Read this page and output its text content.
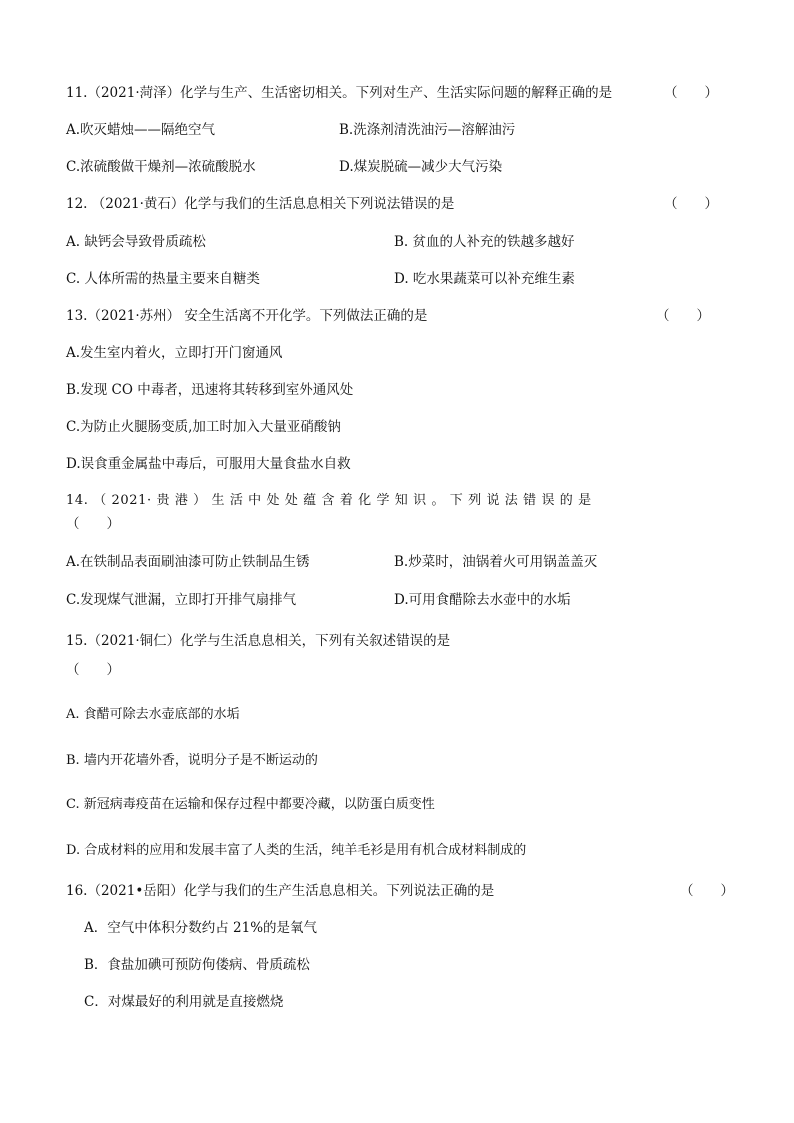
11.（2021·菏泽）化学与生产、生活密切相关。下列对生产、生活实际问题的解释正确的是	（　　）
A.吹灭蜡烛——隔绝空气	B.洗涤剂清洗油污—溶解油污
C.浓硫酸做干燥剂—浓硫酸脱水	D.煤炭脱硫—减少大气污染
12. （2021·黄石）化学与我们的生活息息相关下列说法错误的是	（　　）
A. 缺钙会导致骨质疏松	B. 贫血的人补充的铁越多越好
C. 人体所需的热量主要来自糖类	D. 吃水果蔬菜可以补充维生素
13.（2021·苏州） 安全生活离不开化学。下列做法正确的是	（　　）
A.发生室内着火，立即打开门窗通风
B.发现 CO 中毒者，迅速将其转移到室外通风处
C.为防止火腿肠变质,加工时加入大量亚硝酸钠
D.误食重金属盐中毒后，可服用大量食盐水自救
14. （ 2021· 贵 港 ） 生 活 中 处 处 蕴 含 着 化 学 知 识 。 下 列 说 法 错 误 的 是
（　　）
A.在铁制品表面刷油漆可防止铁制品生锈	B.炒菜时，油锅着火可用锅盖盖灭
C.发现煤气泄漏，立即打开排气扇排气	D.可用食醋除去水壶中的水垢
15.（2021·铜仁）化学与生活息息相关，下列有关叙述错误的是
（　　）
A. 食醋可除去水壶底部的水垢
B. 墙内开花墙外香，说明分子是不断运动的
C. 新冠病毒疫苗在运输和保存过程中都要冷藏，以防蛋白质变性
D. 合成材料的应用和发展丰富了人类的生活，纯羊毛衫是用有机合成材料制成的
16.（2021•岳阳）化学与我们的生产生活息息相关。下列说法正确的是	（　　）
A．空气中体积分数约占 21%的是氧气
B．食盐加碘可预防佝偻病、骨质疏松
C．对煤最好的利用就是直接燃烧
